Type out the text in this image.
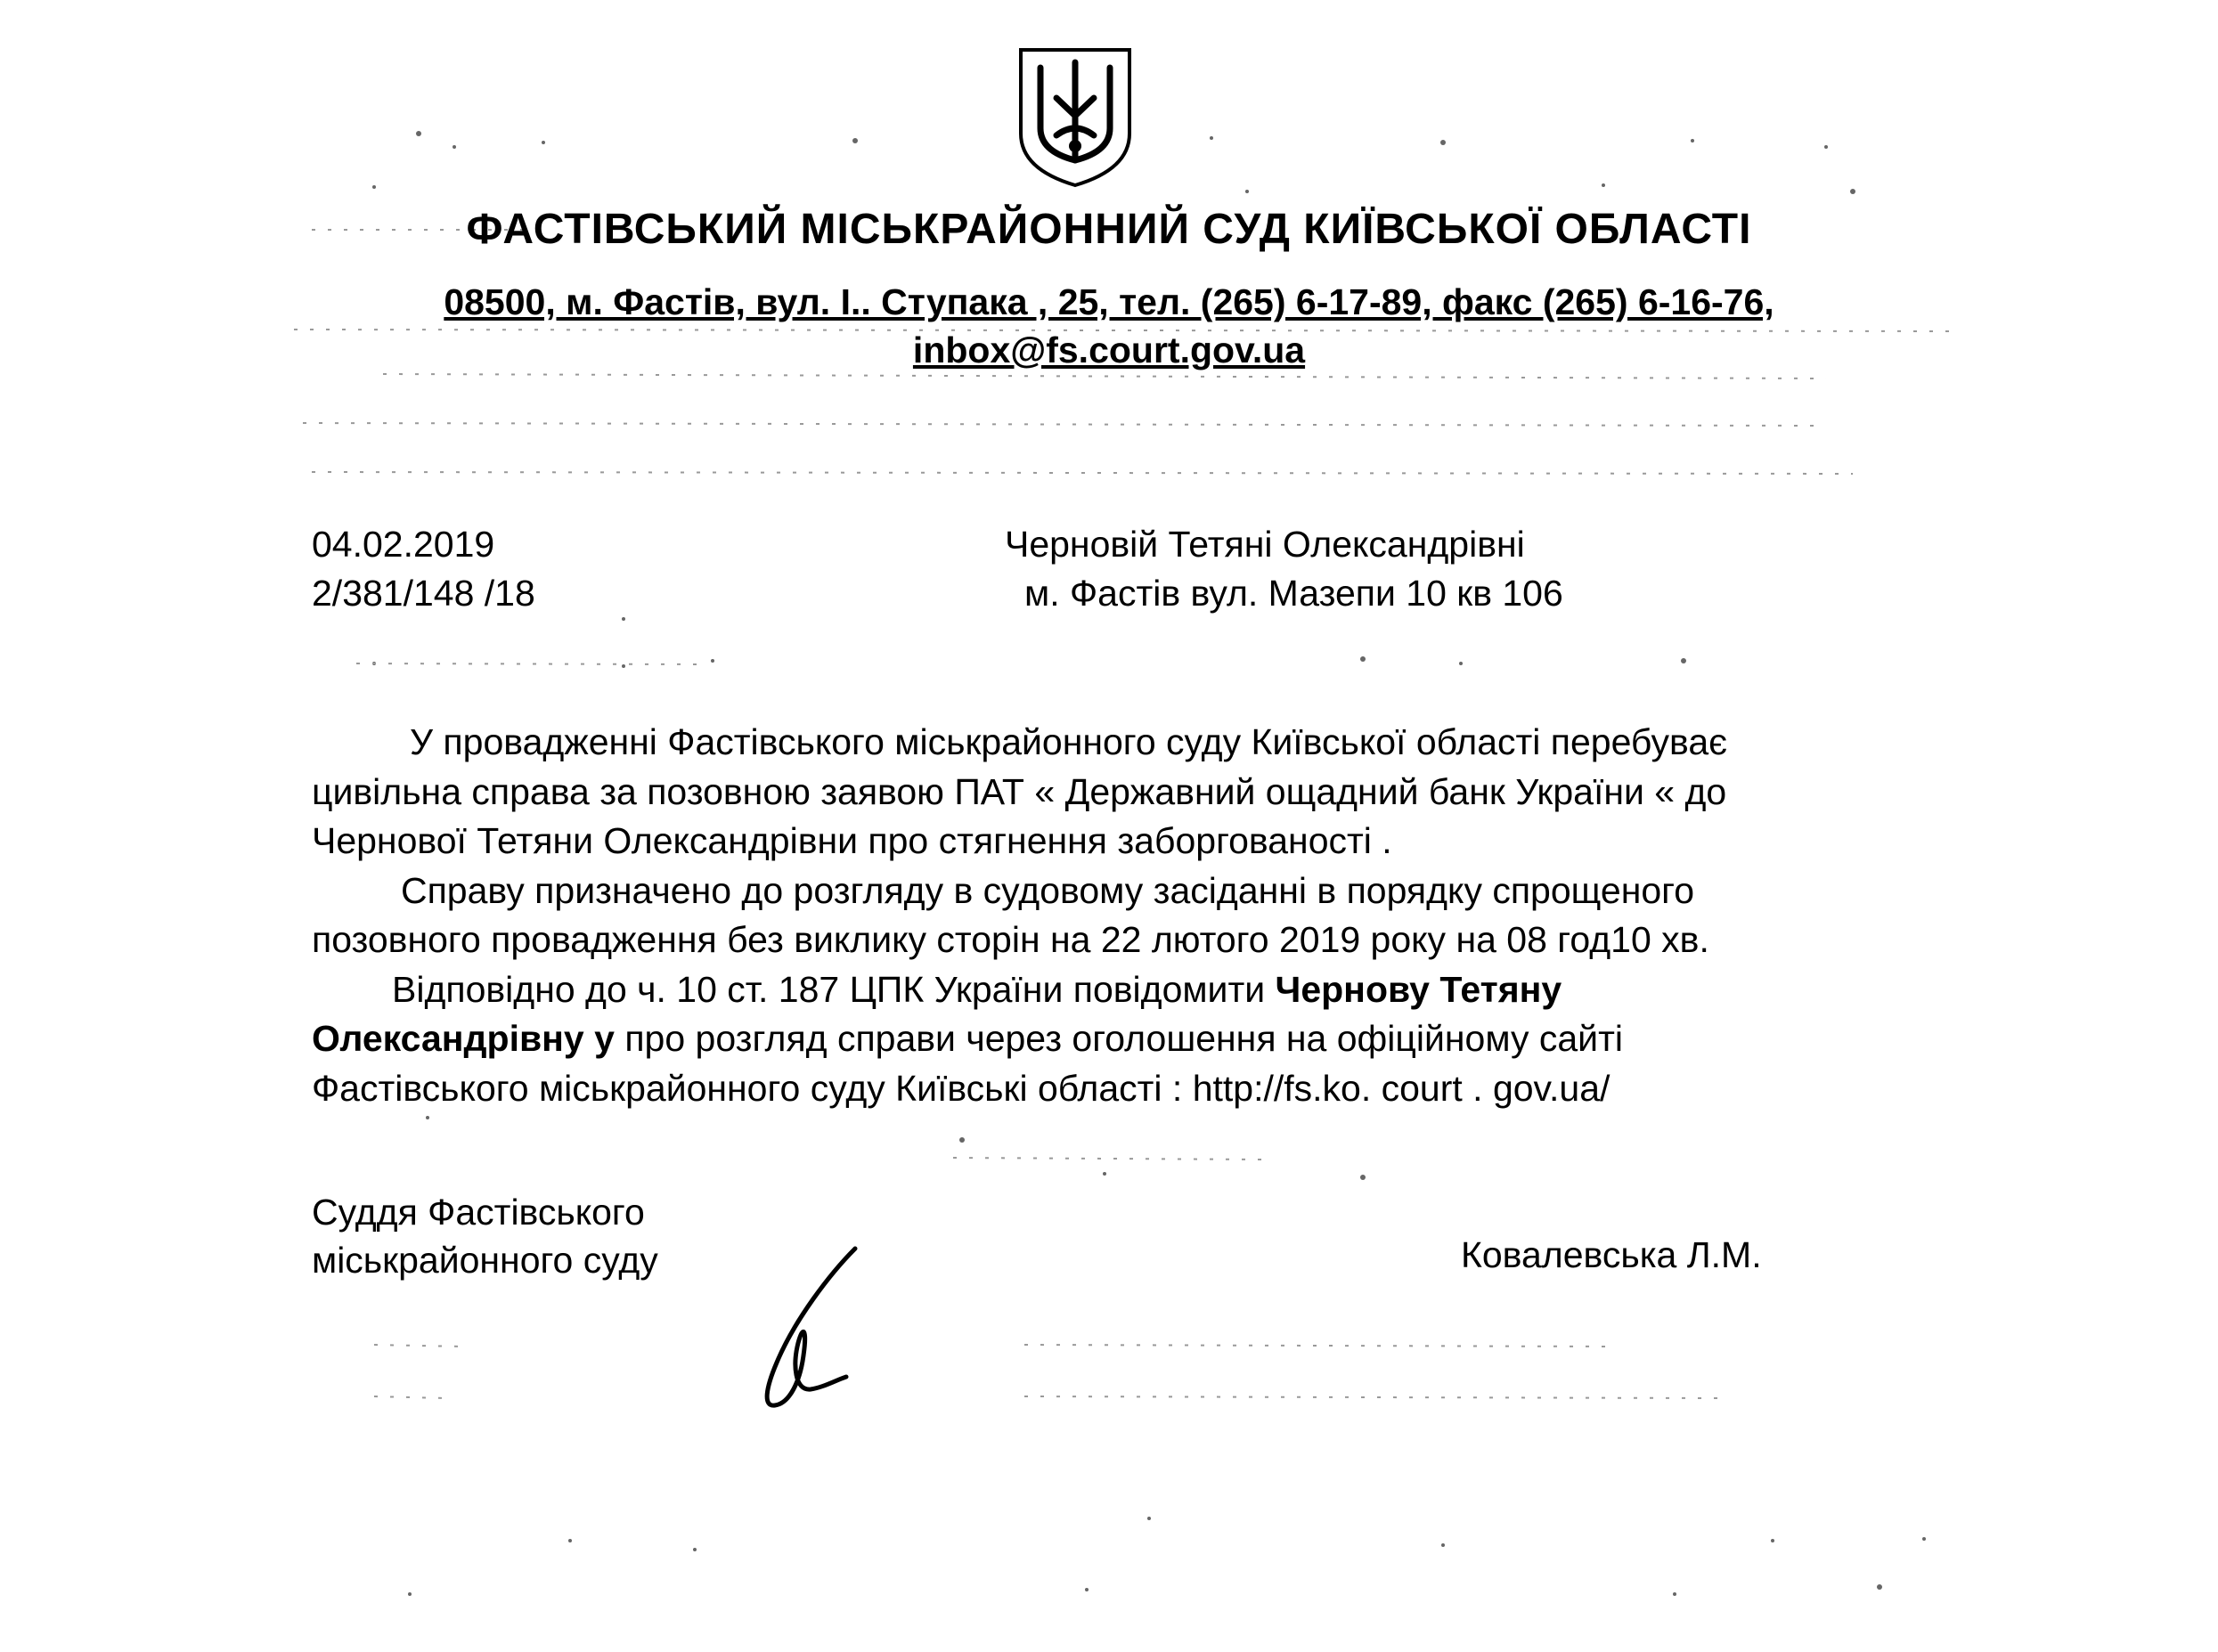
ФАСТІВСЬКИЙ МІСЬКРАЙОННИЙ СУД КИЇВСЬКОЇ ОБЛАСТІ
08500, м. Фастів, вул. І.. Ступака , 25, тел. (265) 6-17-89, факс (265) 6-16-76,
inbox@fs.court.gov.ua
04.02.2019
2/381/148 /18
Черновій Тетяні Олександрівні
м. Фастів вул. Мазепи 10 кв 106
У провадженні Фастівського міськрайонного суду Київської області перебуває
цивільна справа за позовною заявою ПАТ « Державний ощадний банк України « до
Чернової Тетяни Олександрівни про стягнення заборгованості .
Справу призначено до розгляду в судовому засіданні в порядку спрощеного
позовного провадження без виклику сторін на 22 лютого 2019 року на 08 год10 хв.
Відповідно до ч. 10 ст. 187 ЦПК України повідомити Чернову Тетяну
Олександрівну у про розгляд справи через оголошення на офіційному сайті
Фастівського міськрайонного суду Київські області : http://fs.ko. court . gov.ua/
Суддя Фастівського
міськрайонного суду	Ковалевська Л.М.
